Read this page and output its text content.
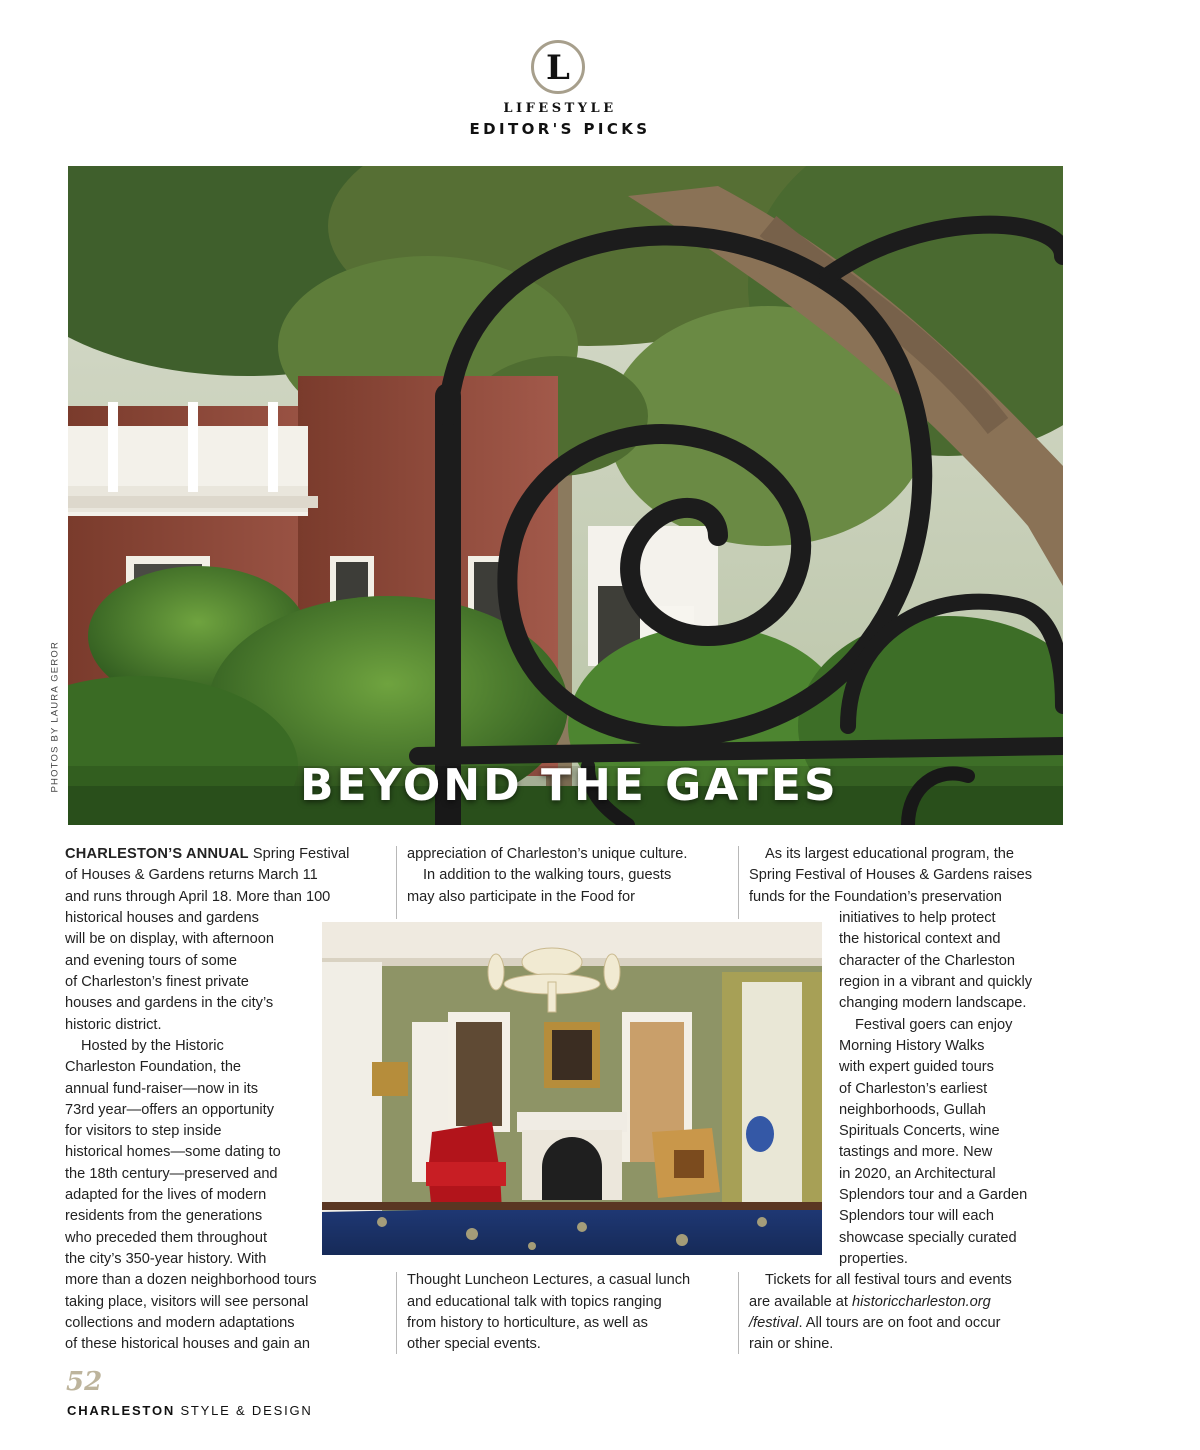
L
LIFESTYLE
EDITOR'S PICKS
BEYOND THE GATES
PHOTOS BY LAURA GEROR

CHARLESTON’S ANNUAL Spring Festival

of Houses & Gardens returns March 11

and runs through April 18. More than 100

historical houses and gardens

will be on display, with afternoon

and evening tours of some

of Charleston’s finest private

houses and gardens in the city’s

historic district.

Hosted by the Historic

Charleston Foundation, the

annual fund-raiser—now in its

73rd year—offers an opportunity

for visitors to step inside

historical homes—some dating to

the 18th century—preserved and

adapted for the lives of modern

residents from the generations

who preceded them throughout

the city’s 350-year history. With

more than a dozen neighborhood tours

taking place, visitors will see personal

collections and modern adaptations

of these historical houses and gain an

appreciation of Charleston’s unique culture.

In addition to the walking tours, guests

may also participate in the Food for

Thought Luncheon Lectures, a casual lunch

and educational talk with topics ranging

from history to horticulture, as well as

other special events.

As its largest educational program, the

Spring Festival of Houses & Gardens raises

funds for the Foundation’s preservation

initiatives to help protect

the historical context and

character of the Charleston

region in a vibrant and quickly

changing modern landscape.

Festival goers can enjoy

Morning History Walks

with expert guided tours

of Charleston’s earliest

neighborhoods, Gullah

Spirituals Concerts, wine

tastings and more. New

in 2020, an Architectural

Splendors tour and a Garden

Splendors tour will each

showcase specially curated

properties.

Tickets for all festival tours and events

are available at historiccharleston.org

/festival. All tours are on foot and occur

rain or shine.

52
CHARLESTON STYLE & DESIGN
